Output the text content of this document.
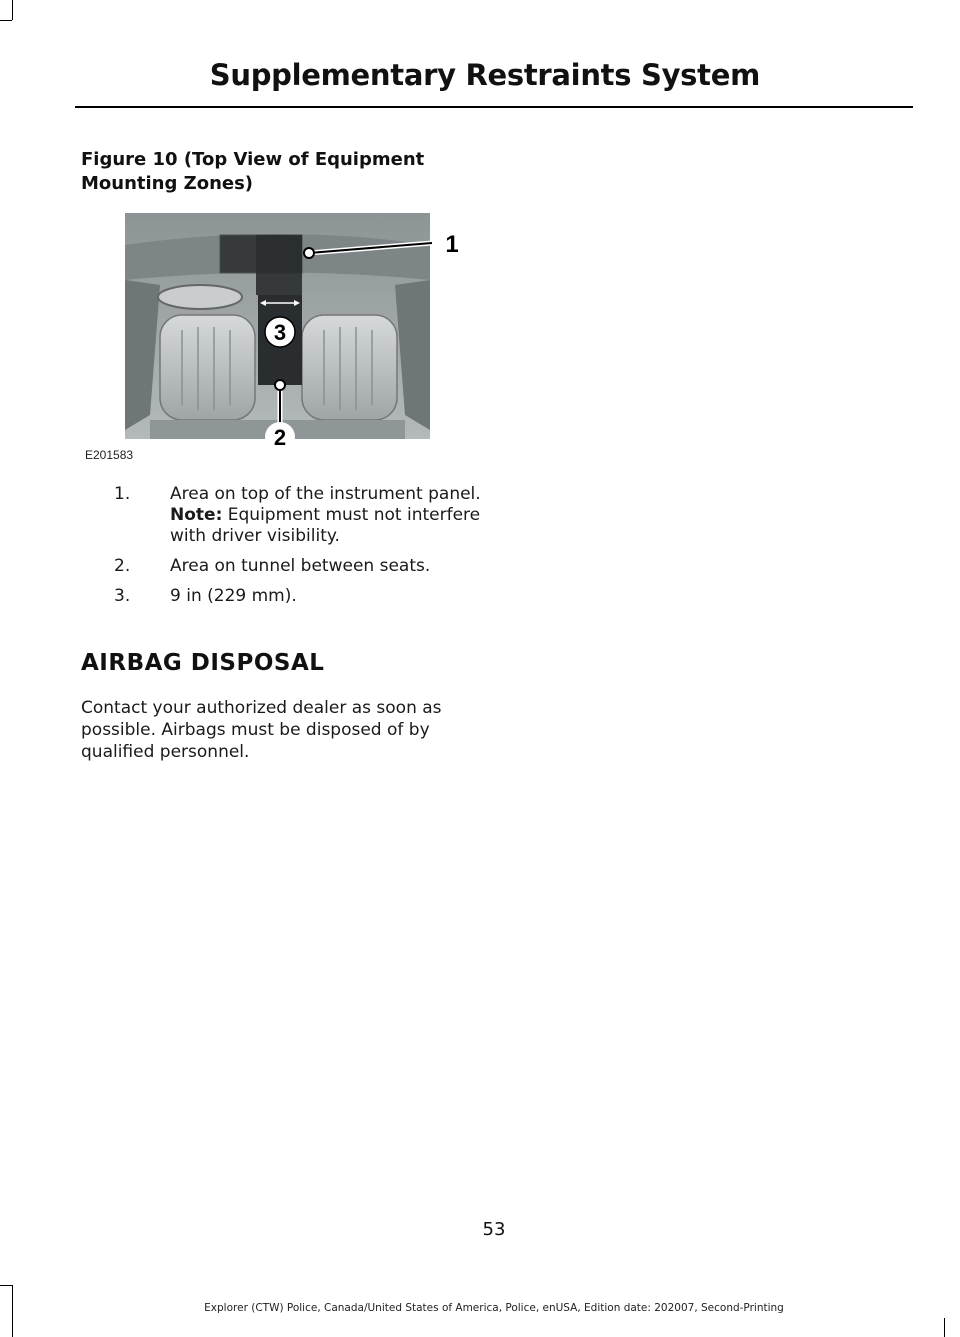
Supplementary Restraints System
Figure 10 (Top View of Equipment Mounting Zones)
3
2
1
E201583
1. Area on top of the instrument panel. Note: Equipment must not interfere with driver visibility.
2. Area on tunnel between seats.
3. 9 in (229 mm).
AIRBAG DISPOSAL
Contact your authorized dealer as soon as possible. Airbags must be disposed of by qualified personnel.
53
Explorer (CTW) Police, Canada/United States of America, Police, enUSA, Edition date: 202007, Second-Printing
